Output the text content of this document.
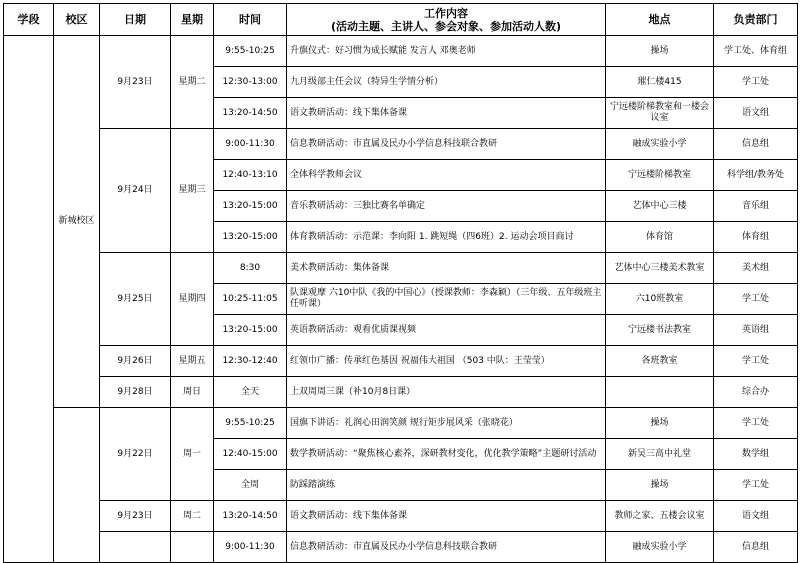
学段	校区	日期	星期	时间	工作内容
(活动主题、主讲人、参会对象、参加活动人数)	地点	负责部门
	新城校区	9月23日	星期二	9:55-10:25	升旗仪式：好习惯为成长赋能 发言人 邓奥老师	操场	学工处、体育组
				12:30-13:00	九月级部主任会议（特异生学情分析）	璀仁楼415	学工处
				13:20-14:50	语文教研活动：线下集体备课	宁远楼阶梯教室和一楼会议室	语文组
		9月24日	星期三	9:00-11:30	信息教研活动：市直属及民办小学信息科技联合教研	融成实验小学	信息组
				12:40-13:10	全体科学教师会议	宁远楼阶梯教室	科学组/教务处
				13:20-15:00	音乐教研活动：三独比赛名单确定	艺体中心三楼	音乐组
				13:20-15:00	体育教研活动：示范课：李向阳 1. 跳短绳（四6班）2. 运动会项目商讨	体育馆	体育组
		9月25日	星期四	8:30	美术教研活动：集体备课	艺体中心三楼美术教室	美术组
				10:25-11:05	队课观摩 六10中队《我的中国心》（授课教师：李森颖）（三年级、五年级班主任听课）	六10班教室	学工处
				13:20-15:00	英语教研活动：观看优质课视频	宁远楼书法教室	英语组
		9月26日	星期五	12:30-12:40	红领巾广播：传承红色基因 祝福伟大祖国 （503 中队：王莹莹）	各班教室	学工处
		9月28日	周日	全天	上双周周三课（补10月8日课）		综合办
		9月22日	周一	9:55-10:25	国旗下讲话：礼润心田润笑颜 规行矩步展风采（张晓花）	操场	学工处
				12:40-15:00	数学教研活动：“聚焦核心素养，深研教材变化，优化教学策略”主题研讨活动	新吴三高中礼堂	数学组
				全周	防踩踏演练	操场	学工处
		9月23日	周二	13:20-14:50	语文教研活动：线下集体备课	教师之家、五楼会议室	语文组
				9:00-11:30	信息教研活动：市直属及民办小学信息科技联合教研	融成实验小学	信息组
